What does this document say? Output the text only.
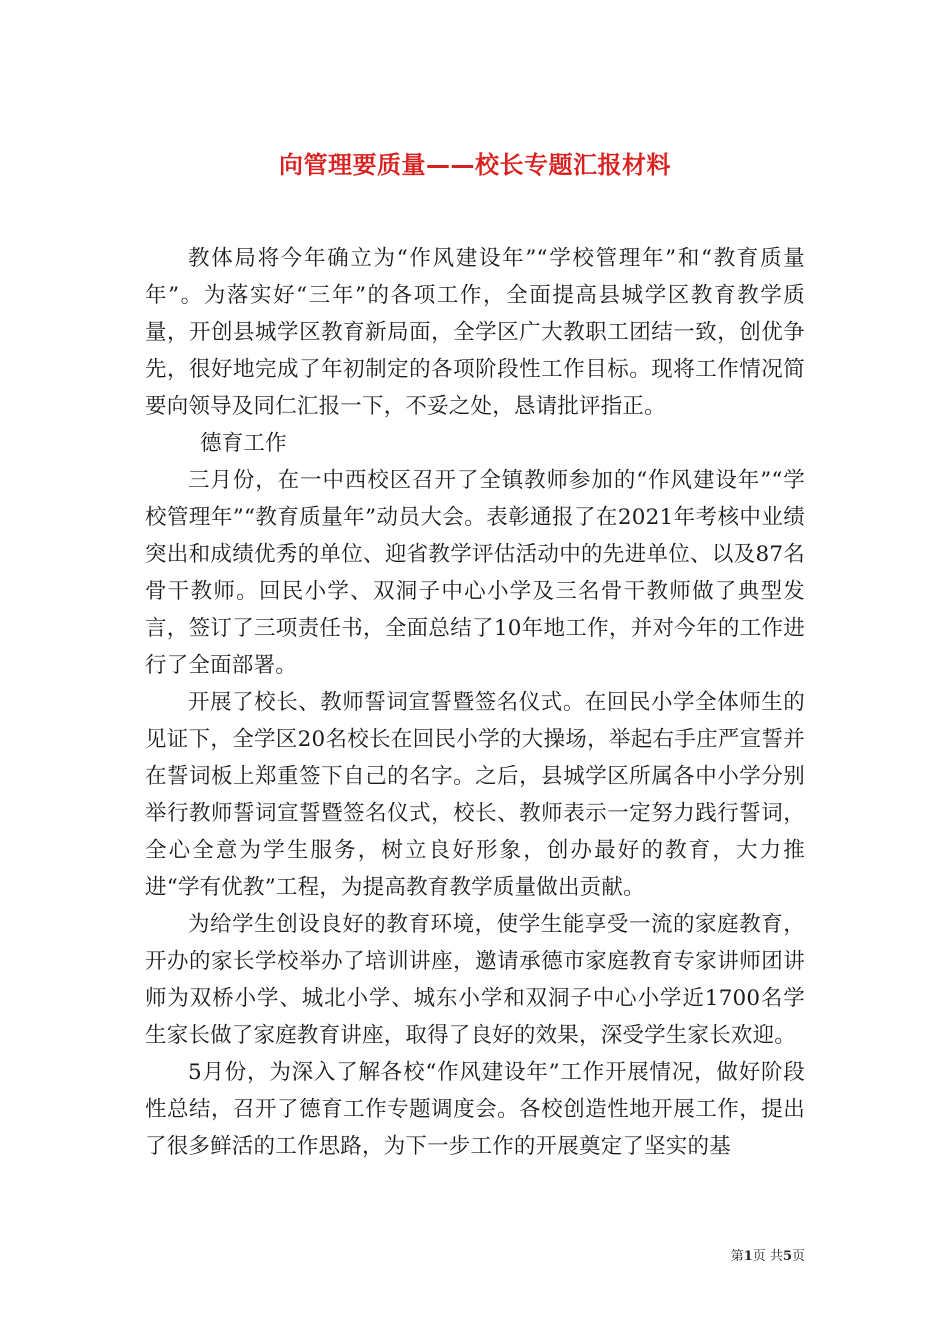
向管理要质量——校长专题汇报材料

教体局将今年确立为“作风建设年”“学校管理年”和“教育质量年”。为落实好“三年”的各项工作，全面提高县城学区教育教学质量，开创县城学区教育新局面，全学区广大教职工团结一致，创优争先，很好地完成了年初制定的各项阶段性工作目标。现将工作情况简要向领导及同仁汇报一下，不妥之处，恳请批评指正。

德育工作

三月份，在一中西校区召开了全镇教师参加的“作风建设年”“学校管理年”“教育质量年”动员大会。表彰通报了在2021年考核中业绩突出和成绩优秀的单位、迎省教学评估活动中的先进单位、以及87名骨干教师。回民小学、双洞子中心小学及三名骨干教师做了典型发言，签订了三项责任书，全面总结了10年地工作，并对今年的工作进行了全面部署。

开展了校长、教师誓词宣誓暨签名仪式。在回民小学全体师生的见证下，全学区20名校长在回民小学的大操场，举起右手庄严宣誓并在誓词板上郑重签下自己的名字。之后，县城学区所属各中小学分别举行教师誓词宣誓暨签名仪式，校长、教师表示一定努力践行誓词，全心全意为学生服务，树立良好形象，创办最好的教育，大力推进“学有优教”工程，为提高教育教学质量做出贡献。

为给学生创设良好的教育环境，使学生能享受一流的家庭教育，开办的家长学校举办了培训讲座，邀请承德市家庭教育专家讲师团讲师为双桥小学、城北小学、城东小学和双洞子中心小学近1700名学生家长做了家庭教育讲座，取得了良好的效果，深受学生家长欢迎。

5月份，为深入了解各校“作风建设年”工作开展情况，做好阶段性总结，召开了德育工作专题调度会。各校创造性地开展工作，提出了很多鲜活的工作思路，为下一步工作的开展奠定了坚实的基

第1页 共5页
